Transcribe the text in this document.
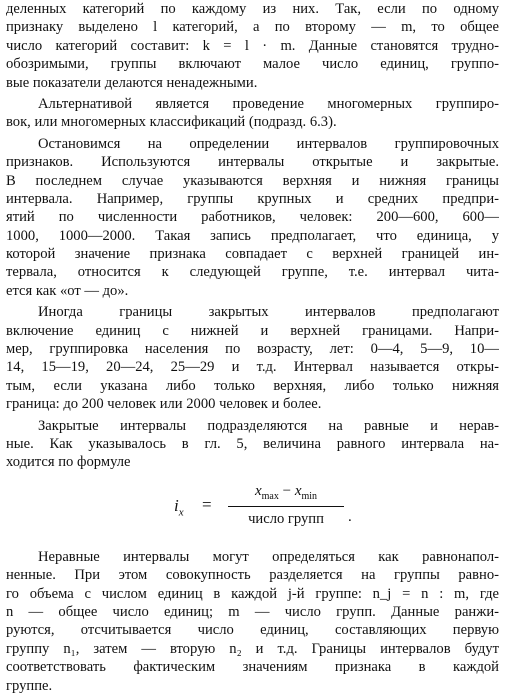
деленных категорий по каждому из них. Так, если по одному
признаку выделено l категорий, а по второму — m, то общее
число категорий составит: k = l · m. Данные становятся трудно-
обозримыми, группы включают малое число единиц, группо-
вые показатели делаются ненадежными.
Альтернативой является проведение многомерных группиро-
вок, или многомерных классификаций (подразд. 6.3).
Остановимся на определении интервалов группировочных
признаков. Используются интервалы открытые и закрытые.
В последнем случае указываются верхняя и нижняя границы
интервала. Например, группы крупных и средних предпри-
ятий по численности работников, человек: 200—600, 600—
1000, 1000—2000. Такая запись предполагает, что единица, у
которой значение признака совпадает с верхней границей ин-
тервала, относится к следующей группе, т.е. интервал чита-
ется как «от — до».
Иногда границы закрытых интервалов предполагают
включение единиц с нижней и верхней границами. Напри-
мер, группировка населения по возрасту, лет: 0—4, 5—9, 10—
14, 15—19, 20—24, 25—29 и т.д. Интервал называется откры-
тым, если указана либо только верхняя, либо только нижняя
граница: до 200 человек или 2000 человек и более.
Закрытые интервалы подразделяются на равные и нерав-
ные. Как указывалось в гл. 5, величина равного интервала на-
ходится по формуле
$i_x$ =
$x_{max} - x_{min}$
число групп	.
Неравные интервалы могут определяться как равнонапол-
ненные. При этом совокупность разделяется на группы равно-
го объема с числом единиц в каждой j-й группе: n_j = n : m, где
n — общее число единиц; m — число групп. Данные ранжи-
руются, отсчитывается число единиц, составляющих первую
группу n₁, затем — вторую n₂ и т.д. Границы интервалов будут
соответствовать фактическим значениям признака в каждой
группе.
